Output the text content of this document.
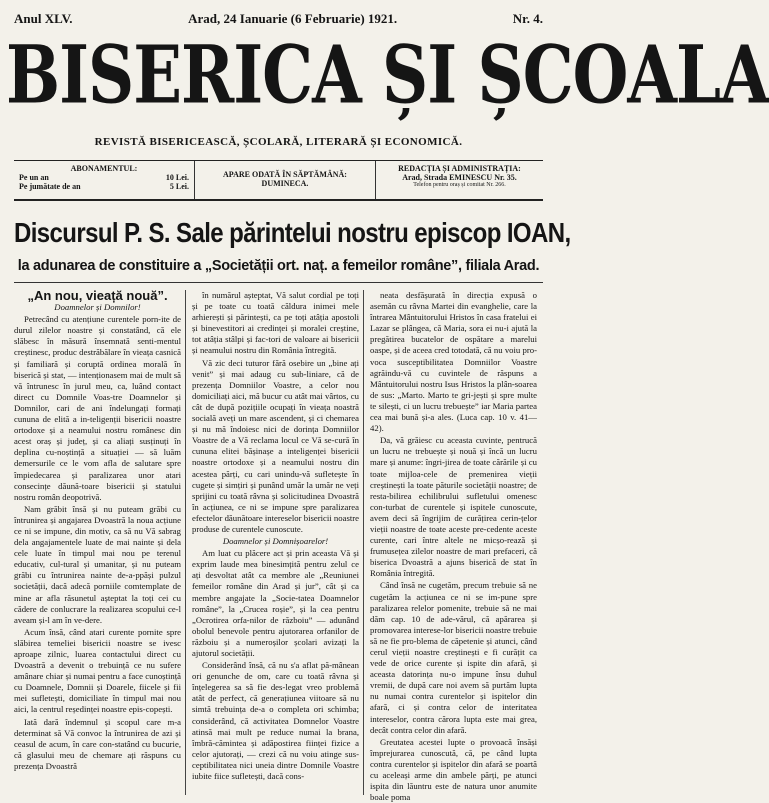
Anul XLV.	Arad, 24 Ianuarie (6 Februarie) 1921.	Nr. 4.
BISERICA ȘI ȘCOALA
REVISTĂ BISERICEASCĂ, ȘCOLARĂ, LITERARĂ ȘI ECONOMICĂ.
ABONAMENTUL:
Pe un an	10 Lei.
Pe jumătate de an	5 Lei.
APARE ODATĂ ÎN SĂPTĂMÂNĂ: DUMINECA.
REDACȚIA ȘI ADMINISTRAȚIA:
Arad, Strada EMINESCU Nr. 35.
Telefon pentru oraș și comitat Nr. 266.
Discursul P. S. Sale părintelui nostru episcop IOAN,
la adunarea de constituire a „Societății ort. naț. a femeilor române”, filiala Arad.

„An nou, vieață nouă”.

Doamnelor și Domnilor!

Petrecând cu atențiune curentele porn-ite de durul zilelor noastre și constatând, că ele slăbesc în măsură însemnată senti-mentul creștinesc, produc destrăbălare în vieața casnică și familiară și coruptă ordinea morală în biserică și stat, — intenționasem mai de mult să vă întrunesc în jurul meu, ca, luând contact direct cu Domnile Voas-tre Doamnelor și Domnilor, cari de ani îndelungați formați cununa de elită a in-teligenții bisericii noastre ortodoxe și a neamului nostru românesc din acest oraș și județ, și ca aliați susținuți în deplina cu-noștință a situației — să luăm demersurile ce le vom afla de salutare spre împiedecarea și paralizarea unor atari consecințe dăună-toare bisericii și statului nostru român deopotrivă.

Nam grăbit însă și nu puteam grăbi cu întrunirea și angajarea Dvoastră la noua acțiune ce ni se impune, din motiv, ca să nu Vă sabrag dela angajamentele luate de mai nainte și dela cele luate în timpul mai nou pe terenul educativ, cul-tural și umanitar, și nu puteam grăbi cu întrunirea nainte de-a-ppăși pulzul societății, dacă adecă porniile comtemplate de mine ar afla răsunetul așteptat la toți cei cu cădere de conlucrare la realizarea scopului ce-l aveam și-l am în ve-dere.

Acum însă, când atari curente pornite spre slăbirea temeliei bisericii noastre se ivesc aproape zilnic, luarea contactului direct cu Dvoastră a devenit o trebuință ce nu sufere amânare chiar și numai pentru a face cunoștință cu Doamnele, Domnii și Doarele, fiicele și fii mei sufletești, domiciliate în timpul mai nou aici, la centrul reședinței noastre epis-copești.

Iată dară îndemnul și scopul care m-a determinat să Vă convoc la întrunirea de azi și ceasul de acum, în care con-statând cu bucurie, că glasului meu de chemare ați răspuns cu prezența Dvoastră

în numărul așteptat, Vă salut cordial pe toți și pe toate cu toată căldura inimei mele arhierești și părintești, ca pe toți atâția apostoli și binevestitori ai credinței și moralei creștine, tot atâția stâlpi și fac-tori de valoare ai bisericii și neamului nostru din România întregită.

Vă zic deci tuturor fără osebire un „bine ați venit” și mai adaug cu sub-liniare, că de prezența Domniilor Voastre, a celor nou domiciliați aici, mă bucur cu atât mai vârtos, cu cât de după pozițiile ocupați în vieața noastră socială aveți un mare ascendent, și ci chemarea și nu mă îndoiesc nici de dorința Domniilor Voastre de a Vă reclama locul ce Vă se-cură în cununa elitei bășinașe a inteligenței bisericii noastre ortodoxe și a neamului nostru din acestea părți, cu cari unindu-vă sufletește în cugete și simțiri și punând umăr la umăr ne veți sprijini cu toată râvna și solicitudinea Dvoastră în acțiunea, ce ni se impune spre paralizarea efectelor dăunătoare intereselor bisericii noastre produse de curentele cunoscute.

Doamnelor și Domnișoarelor!

Am luat cu plăcere act și prin aceasta Vă și exprim laude mea binesimțită pentru zelul ce ați desvoltat atât ca membre ale „Reuniunei femeilor române din Arad și jur”, cât și ca membre angajate la „Socie-tatea Doamnelor române”, la „Crucea roșie”, și la cea pentru „Ocrotirea orfa-nilor de războiu” — adunând obolul benevole pentru ajutorarea orfanilor de războiu și a numeroșilor școlari avizați la ajutorul societății.

Considerând însă, că nu s'a aflat pă-mânean ori genunche de om, care cu toată râvna și înțelegerea sa să fie des-legat vreo problemă atât de perfect, că generațiunea viitoare să nu simtă trebuința de-a o completa ori schimba; considerând, că activitatea Domnelor Voastre atinsă mai mult pe reduce numai la brana, îmbră-cămintea și adăpostirea ființei fizice a celor ajutorați, — crezi că nu voiu atinge sus-ceptibilitatea nici uneia dintre Domnile Voastre iubite fiice sufletești, dacă cons-

neata desfășurată în direcția expusă o asemăn cu râvna Martei din evanghelie, care la întrarea Mântuitorului Hristos în casa fratelui ei Lazar se plângea, că Maria, sora ei nu-i ajută la pregătirea bucatelor de ospătare a marelui oaspe, și de aceea cred totodată, că nu voiu pro-voca susceptibilitatea Domniilor Voastre agrăindu-vă cu cuvintele de răspuns a Mântuitorului nostru Isus Hristos la plân-soarea de sus: „Marto. Marto te gri-jești și spre multe te silești, ci un lucru trebuește” iar Maria partea cea mai bună și-a ales. (Luca cap. 10 v. 41—42).

Da, vă grăiesc cu aceasta cuvinte, pentrucă un lucru ne trebuește și nouă și încă un lucru mare și anume: îngri-jirea de toate cărările și cu toate mijloa-cele de premenirea vieții creștinești la toate păturile societății noastre; de resta-bilirea echilibrului sufletului omenesc con-turbat de curentele și ispitele cunoscute, avem deci să îngrijim de curățirea cerin-țelor vieții noastre de toate aceste pre-cedente aceste curente, cari între altele ne micșo-rează și frumusețea zilelor noastre de mari prefaceri, că biserica Dvoastră a ajuns biserică de stat în România întregită.

Când însă ne cugetăm, precum trebuie să ne cugetăm la acțiunea ce ni se im-pune spre paralizarea relelor pomenite, trebuie să ne mai dăm cap. 10 de ade-vărul, că apărarea și promovarea interese-lor bisericii noastre trebuie să ne fie pro-blema de căpetenie și atunci, când cerul vieții noastre creștinești e fi curățit ca vede de orice curente și ispite din afară, și aceasta datorința nu-o impune însu duhul vremii, de după care noi avem să purtăm lupta nu numai contra curentelor și ispitelor din afară, ci și contra celor de interitatea intereselor, contra cărora lupta este mai grea, decât contra celor din afară.

Greutatea acestei lupte o provoacă însăși împrejurarea cunoscută, că, pe când lupta contra curentelor și ispitelor din afară se poartă cu aceleași arme din ambele părți, pe atunci ispita din lăuntru este de natura unor anumite boale poma
